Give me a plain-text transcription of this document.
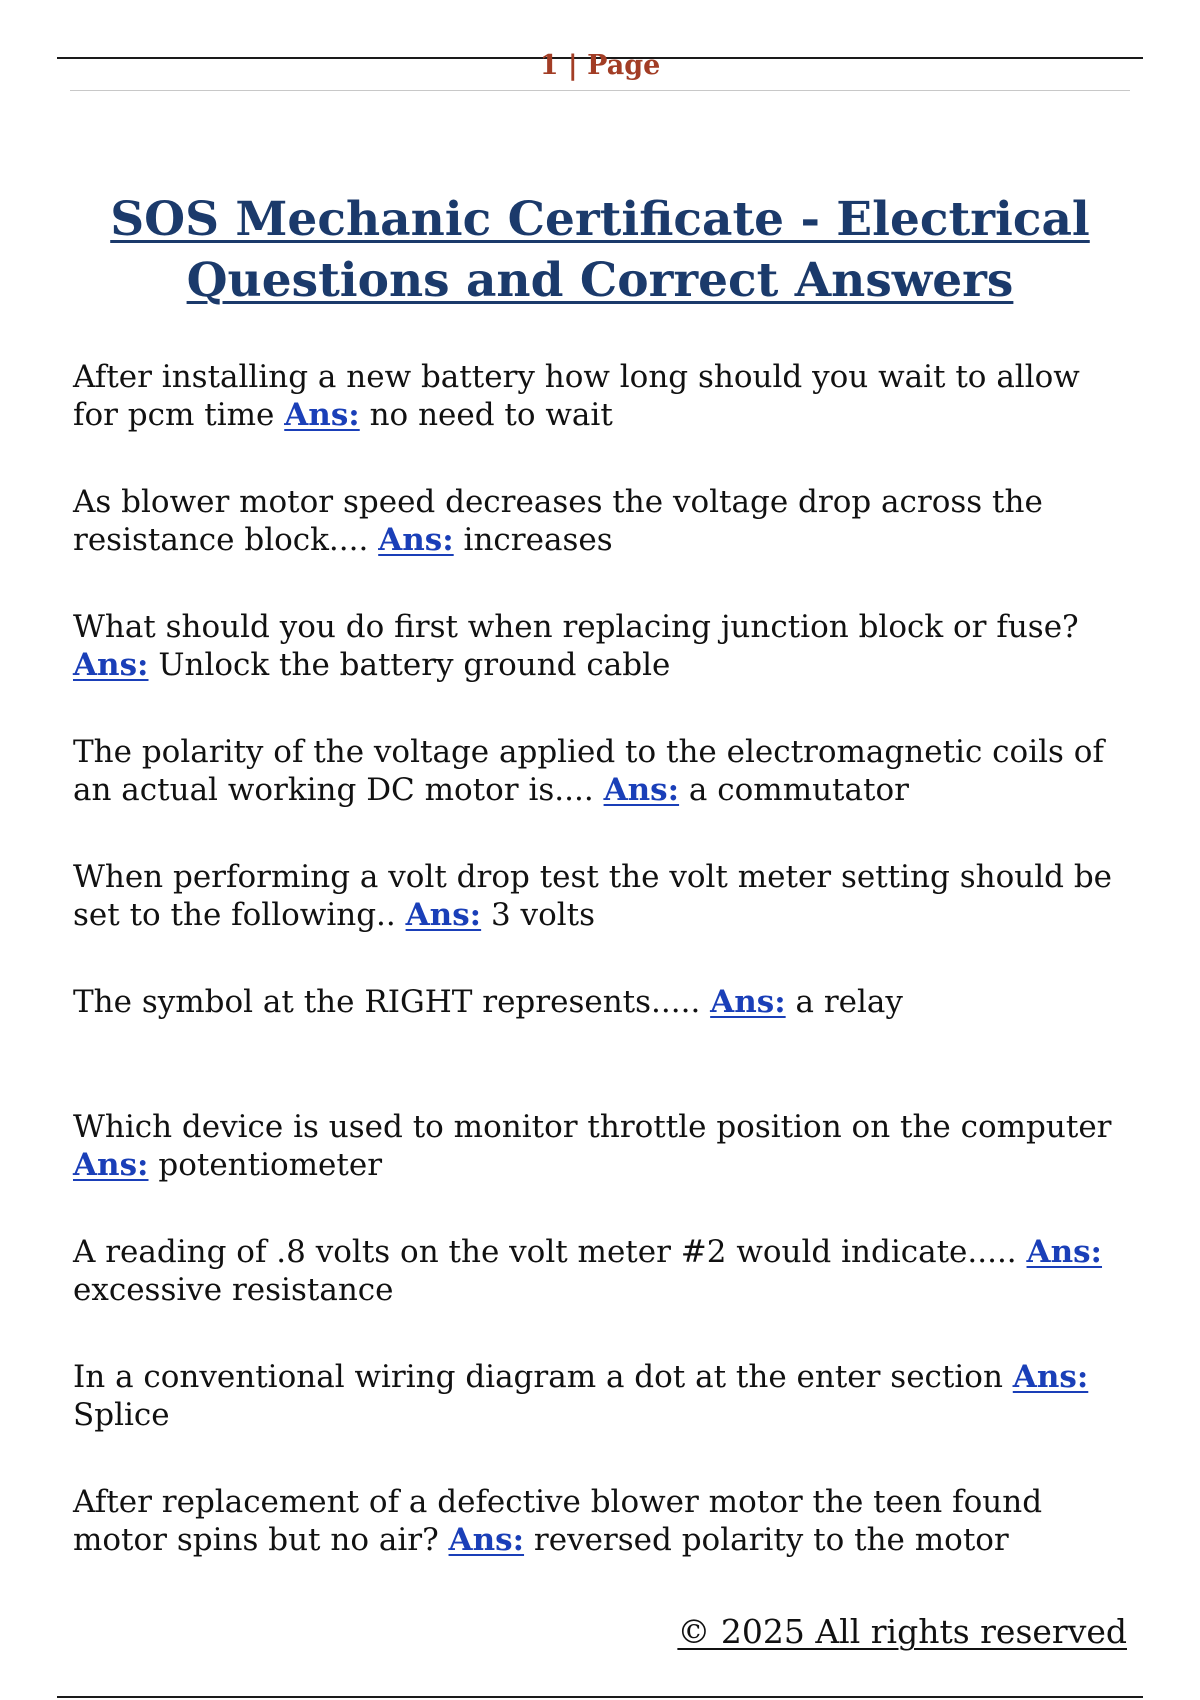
1 | Page
SOS Mechanic Certificate - Electrical Questions and Correct Answers

After installing a new battery how long should you wait to allow for pcm time Ans: no need to wait

As blower motor speed decreases the voltage drop across the resistance block.... Ans: increases

What should you do first when replacing junction block or fuse? Ans: Unlock the battery ground cable

The polarity of the voltage applied to the electromagnetic coils of an actual working DC motor is.... Ans: a commutator

When performing a volt drop test the volt meter setting should be set to the following.. Ans: 3 volts

The symbol at the RIGHT represents..... Ans: a relay

Which device is used to monitor throttle position on the computer Ans: potentiometer

A reading of .8 volts on the volt meter #2 would indicate..... Ans: excessive resistance

In a conventional wiring diagram a dot at the enter section Ans: Splice

After replacement of a defective blower motor the teen found motor spins but no air? Ans: reversed polarity to the motor

© 2025 All rights reserved
